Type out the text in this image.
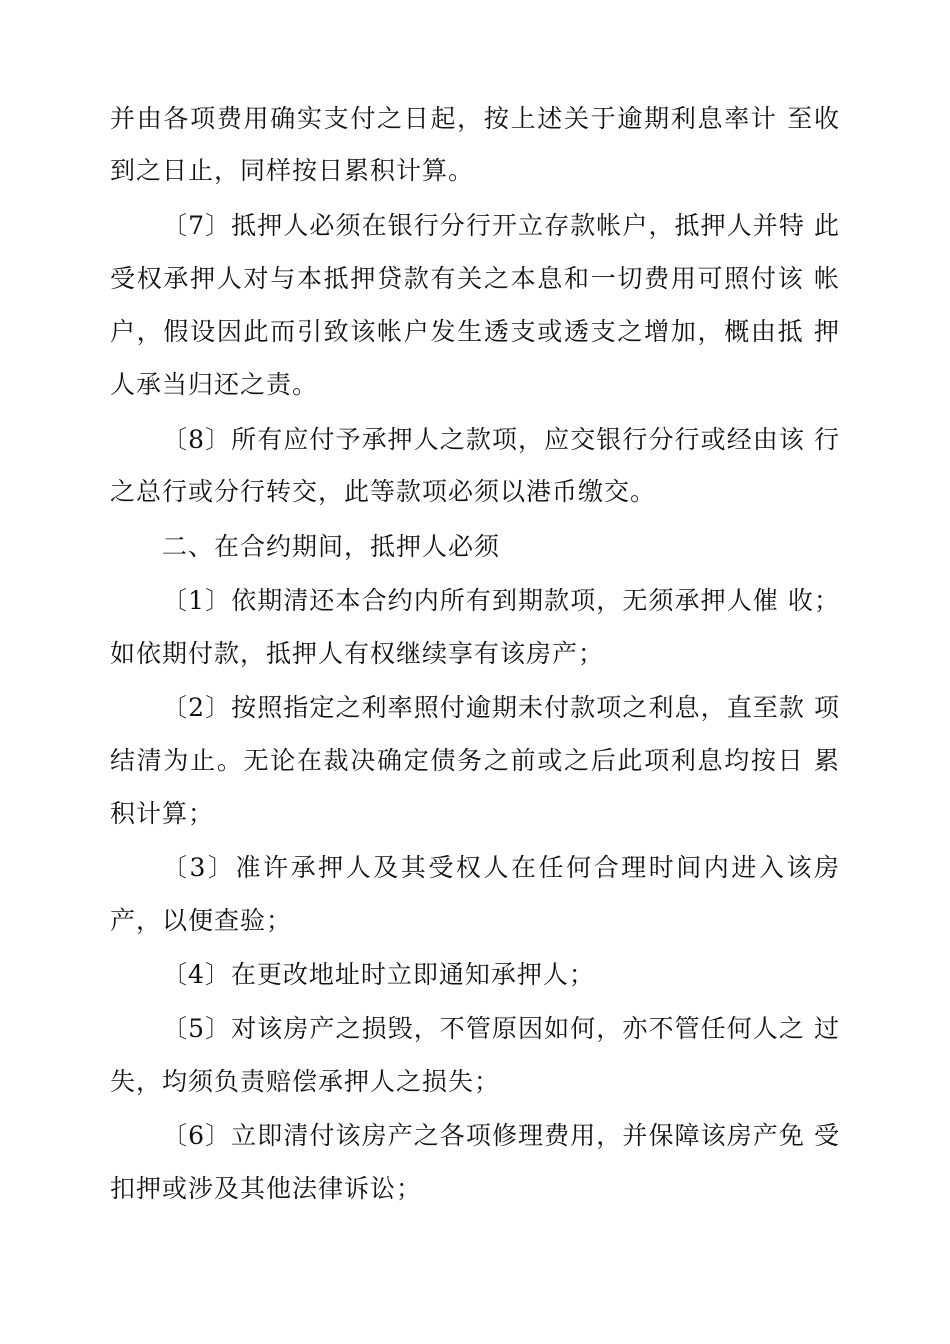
并由各项费用确实支付之日起，按上述关于逾期利息率计 至收
到之日止，同样按日累积计算。
〔7〕抵押人必须在银行分行开立存款帐户，抵押人并特 此
受权承押人对与本抵押贷款有关之本息和一切费用可照付该 帐
户，假设因此而引致该帐户发生透支或透支之增加，概由抵 押
人承当归还之责。
〔8〕所有应付予承押人之款项，应交银行分行或经由该 行
之总行或分行转交，此等款项必须以港币缴交。
二、在合约期间，抵押人必须
〔1〕依期清还本合约内所有到期款项，无须承押人催 收；
如依期付款，抵押人有权继续享有该房产；
〔2〕按照指定之利率照付逾期未付款项之利息，直至款 项
结清为止。无论在裁决确定债务之前或之后此项利息均按日 累
积计算；
〔3〕准许承押人及其受权人在任何合理时间内进入该房
产，以便查验；
〔4〕在更改地址时立即通知承押人；
〔5〕对该房产之损毁，不管原因如何，亦不管任何人之 过
失，均须负责赔偿承押人之损失；
〔6〕立即清付该房产之各项修理费用，并保障该房产免 受
扣押或涉及其他法律诉讼；
